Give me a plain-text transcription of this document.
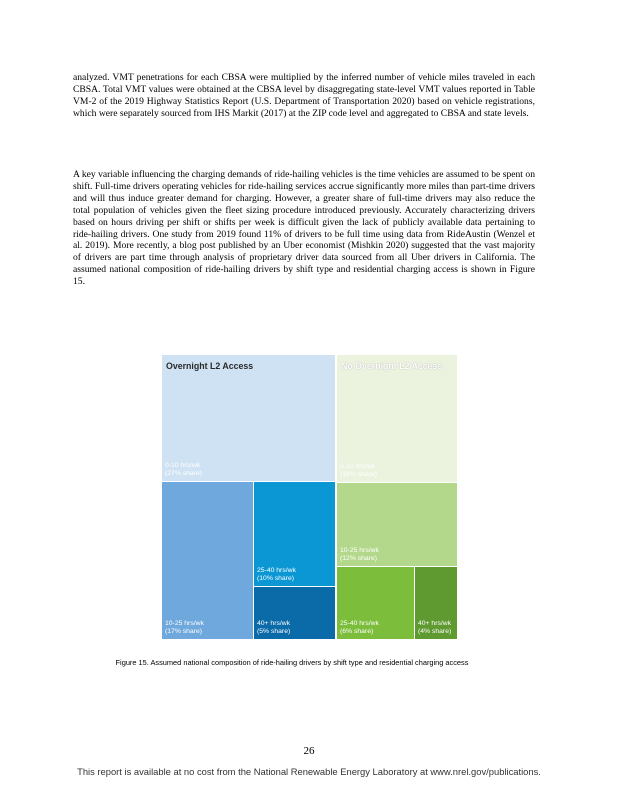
analyzed. VMT penetrations for each CBSA were multiplied by the inferred number of vehicle miles traveled in each CBSA. Total VMT values were obtained at the CBSA level by disaggregating state-level VMT values reported in Table VM-2 of the 2019 Highway Statistics Report (U.S. Department of Transportation 2020) based on vehicle registrations, which were separately sourced from IHS Markit (2017) at the ZIP code level and aggregated to CBSA and state levels.

A key variable influencing the charging demands of ride-hailing vehicles is the time vehicles are assumed to be spent on shift. Full-time drivers operating vehicles for ride-hailing services accrue significantly more miles than part-time drivers and will thus induce greater demand for charging. However, a greater share of full-time drivers may also reduce the total population of vehicles given the fleet sizing procedure introduced previously. Accurately characterizing drivers based on hours driving per shift or shifts per week is difficult given the lack of publicly available data pertaining to ride-hailing drivers. One study from 2019 found 11% of drivers to be full time using data from RideAustin (Wenzel et al. 2019). More recently, a blog post published by an Uber economist (Mishkin 2020) suggested that the vast majority of drivers are part time through analysis of proprietary driver data sourced from all Uber drivers in California. The assumed national composition of ride-hailing drivers by shift type and residential charging access is shown in Figure 15.

Overnight L2 Access
0-10 hrs/wk
(27% share)
10-25 hrs/wk
(17% share)
25-40 hrs/wk
(10% share)
40+ hrs/wk
(5% share)
No Overnight L2 Access
0-10 hrs/wk
(18% share)
10-25 hrs/wk
(12% share)
25-40 hrs/wk
(6% share)
40+ hrs/wk
(4% share)
Figure 15. Assumed national composition of ride-hailing drivers by shift type and residential charging access
26
This report is available at no cost from the National Renewable Energy Laboratory at www.nrel.gov/publications.
